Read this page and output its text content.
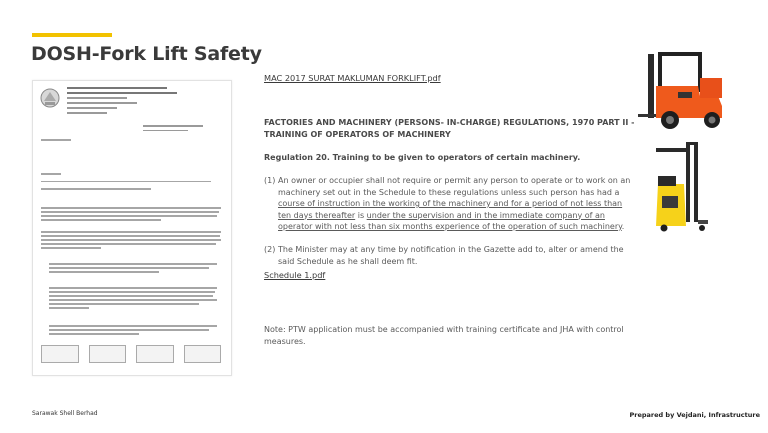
DOSH-Fork Lift Safety
MAC 2017 SURAT MAKLUMAN FORKLIFT.pdf
FACTORIES AND MACHINERY (PERSONS- IN-CHARGE) REGULATIONS, 1970 PART II - TRAINING OF OPERATORS OF MACHINERY
Regulation 20. Training to be given to operators of certain machinery.
(1) An owner or occupier shall not require or permit any person to operate or to work on an machinery set out in the Schedule to these regulations unless such person has had a course of instruction in the working of the machinery and for a period of not less than ten days thereafter is under the supervision and in the immediate company of an operator with not less than six months experience of the operation of such machinery.
(2) The Minister may at any time by notification in the Gazette add to, alter or amend the said Schedule as he shall deem fit.
Schedule 1.pdf
Note: PTW application must be accompanied with training certificate and JHA with control measures.
Sarawak Shell Berhad	Prepared by Vejdani, Infrastructure
